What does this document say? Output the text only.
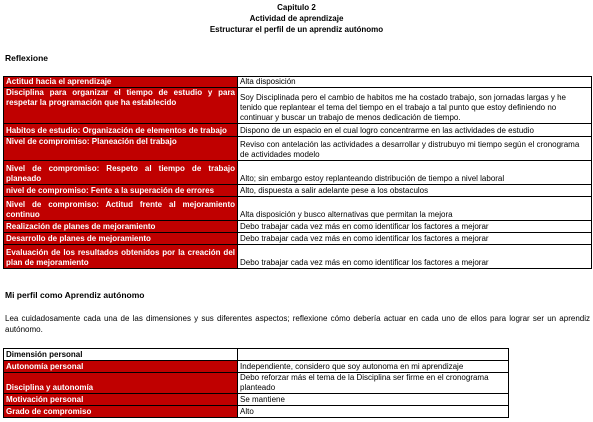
Capitulo 2
Actividad de aprendizaje
Estructurar el perfil de un aprendiz autónomo
Reflexione
Actitud hacia el aprendizaje	Alta disposición
Disciplina para organizar el tiempo de estudio y para respetar la programación que ha establecido	Soy Disciplinada pero el cambio de habitos me ha costado trabajo, son jornadas largas y he tenido que replantear el tema del tiempo en el trabajo a tal punto que estoy definiendo no continuar y buscar un trabajo de menos dedicación de tiempo.
Habitos de estudio: Organización de elementos de trabajo	Dispono de un espacio en el cual logro concentrarme en las actividades de estudio
Nivel de compromiso: Planeación del trabajo	Reviso con antelación las actividades a desarrollar y distrubuyo mi tiempo según el cronograma de actividades modelo
Nivel de compromiso: Respeto al tiempo de trabajo planeado	Alto; sin embargo estoy replanteando distribución de tiempo a nivel laboral
nivel de compromiso: Fente a la superación de errores	Alto, dispuesta a salir adelante pese a los obstaculos
Nivel de compromiso: Actitud frente al mejoramiento continuo	Alta disposición y busco alternativas que permitan la mejora
Realización de planes de mejoramiento	Debo trabajar cada vez más en como identificar los factores a mejorar
Desarrollo de planes de mejoramiento	Debo trabajar cada vez más en como identificar los factores a mejorar
Evaluación de los resultados obtenidos por la creación del plan de mejoramiento	Debo trabajar cada vez más en como identificar los factores a mejorar
Mi perfil como Aprendiz autónomo
Lea cuidadosamente cada una de las dimensiones y sus diferentes aspectos; reflexione cómo debería actuar en cada uno de ellos para lograr ser un aprendiz autónomo.
Dimensión personal	
Autonomía personal	Independiente, considero que soy autonoma en mi aprendizaje
Disciplina y autonomía	Debo reforzar más el tema de la Disciplina ser firme en el cronograma planteado
Motivación personal	Se mantiene
Grado de compromiso	Alto
